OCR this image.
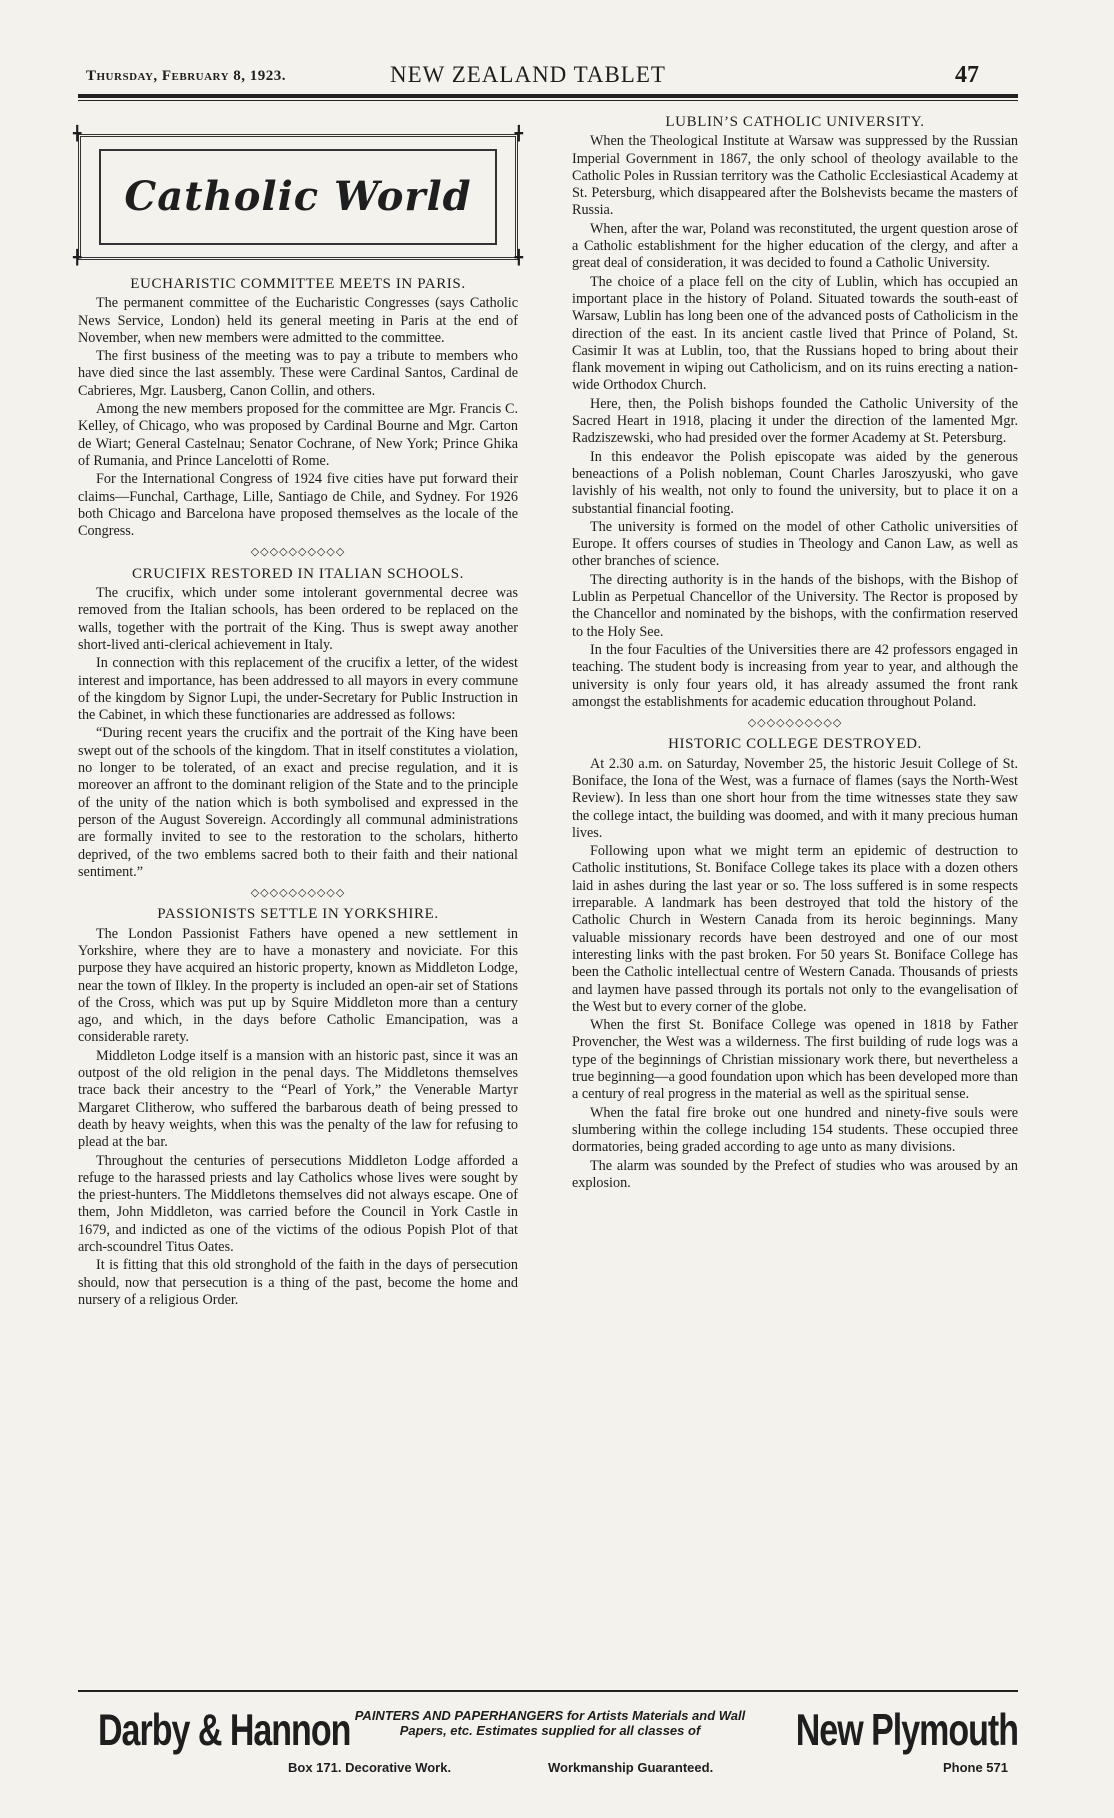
Thursday, February 8, 1923.	NEW ZEALAND TABLET	47
╋	╋
╋	╋
Catholic World
EUCHARISTIC COMMITTEE MEETS IN PARIS.

The permanent committee of the Eucharistic Congresses (says Catholic News Service, London) held its general meeting in Paris at the end of November, when new members were admitted to the committee.

The first business of the meeting was to pay a tribute to members who have died since the last assembly. These were Cardinal Santos, Cardinal de Cabrieres, Mgr. Lausberg, Canon Collin, and others.

Among the new members proposed for the committee are Mgr. Francis C. Kelley, of Chicago, who was proposed by Cardinal Bourne and Mgr. Carton de Wiart; General Castelnau; Senator Cochrane, of New York; Prince Ghika of Rumania, and Prince Lancelotti of Rome.

For the International Congress of 1924 five cities have put forward their claims—Funchal, Carthage, Lille, Santiago de Chile, and Sydney. For 1926 both Chicago and Barcelona have proposed themselves as the locale of the Congress.

◇◇◇◇◇◇◇◇◇◇
CRUCIFIX RESTORED IN ITALIAN SCHOOLS.

The crucifix, which under some intolerant governmental decree was removed from the Italian schools, has been ordered to be replaced on the walls, together with the portrait of the King. Thus is swept away another short-lived anti-clerical achievement in Italy.

In connection with this replacement of the crucifix a letter, of the widest interest and importance, has been addressed to all mayors in every commune of the kingdom by Signor Lupi, the under-Secretary for Public Instruction in the Cabinet, in which these functionaries are addressed as follows:

“During recent years the crucifix and the portrait of the King have been swept out of the schools of the kingdom. That in itself constitutes a violation, no longer to be tolerated, of an exact and precise regulation, and it is moreover an affront to the dominant religion of the State and to the principle of the unity of the nation which is both symbolised and expressed in the person of the August Sovereign. Accordingly all communal administrations are formally invited to see to the restoration to the scholars, hitherto deprived, of the two emblems sacred both to their faith and their national sentiment.”

◇◇◇◇◇◇◇◇◇◇
PASSIONISTS SETTLE IN YORKSHIRE.

The London Passionist Fathers have opened a new settlement in Yorkshire, where they are to have a monastery and noviciate. For this purpose they have acquired an historic property, known as Middleton Lodge, near the town of Ilkley. In the property is included an open-air set of Stations of the Cross, which was put up by Squire Middleton more than a century ago, and which, in the days before Catholic Emancipation, was a considerable rarety.

Middleton Lodge itself is a mansion with an historic past, since it was an outpost of the old religion in the penal days. The Middletons themselves trace back their ancestry to the “Pearl of York,” the Venerable Martyr Margaret Clitherow, who suffered the barbarous death of being pressed to death by heavy weights, when this was the penalty of the law for refusing to plead at the bar.

Throughout the centuries of persecutions Middleton Lodge afforded a refuge to the harassed priests and lay Catholics whose lives were sought by the priest-hunters. The Middletons themselves did not always escape. One of them, John Middleton, was carried before the Council in York Castle in 1679, and indicted as one of the victims of the odious Popish Plot of that arch-scoundrel Titus Oates.

It is fitting that this old stronghold of the faith in the days of persecution should, now that persecution is a thing of the past, become the home and nursery of a religious Order.

LUBLIN’S CATHOLIC UNIVERSITY.

When the Theological Institute at Warsaw was suppressed by the Russian Imperial Government in 1867, the only school of theology available to the Catholic Poles in Russian territory was the Catholic Ecclesiastical Academy at St. Petersburg, which disappeared after the Bolshevists became the masters of Russia.

When, after the war, Poland was reconstituted, the urgent question arose of a Catholic establishment for the higher education of the clergy, and after a great deal of consideration, it was decided to found a Catholic University.

The choice of a place fell on the city of Lublin, which has occupied an important place in the history of Poland. Situated towards the south-east of Warsaw, Lublin has long been one of the advanced posts of Catholicism in the direction of the east. In its ancient castle lived that Prince of Poland, St. Casimir It was at Lublin, too, that the Russians hoped to bring about their flank movement in wiping out Catholicism, and on its ruins erecting a nation-wide Orthodox Church.

Here, then, the Polish bishops founded the Catholic University of the Sacred Heart in 1918, placing it under the direction of the lamented Mgr. Radziszewski, who had presided over the former Academy at St. Petersburg.

In this endeavor the Polish episcopate was aided by the generous beneactions of a Polish nobleman, Count Charles Jaroszyuski, who gave lavishly of his wealth, not only to found the university, but to place it on a substantial financial footing.

The university is formed on the model of other Catholic universities of Europe. It offers courses of studies in Theology and Canon Law, as well as other branches of science.

The directing authority is in the hands of the bishops, with the Bishop of Lublin as Perpetual Chancellor of the University. The Rector is proposed by the Chancellor and nominated by the bishops, with the confirmation reserved to the Holy See.

In the four Faculties of the Universities there are 42 professors engaged in teaching. The student body is increasing from year to year, and although the university is only four years old, it has already assumed the front rank amongst the establishments for academic education throughout Poland.

◇◇◇◇◇◇◇◇◇◇
HISTORIC COLLEGE DESTROYED.

At 2.30 a.m. on Saturday, November 25, the historic Jesuit College of St. Boniface, the Iona of the West, was a furnace of flames (says the North-West Review). In less than one short hour from the time witnesses state they saw the college intact, the building was doomed, and with it many precious human lives.

Following upon what we might term an epidemic of destruction to Catholic institutions, St. Boniface College takes its place with a dozen others laid in ashes during the last year or so. The loss suffered is in some respects irreparable. A landmark has been destroyed that told the history of the Catholic Church in Western Canada from its heroic beginnings. Many valuable missionary records have been destroyed and one of our most interesting links with the past broken. For 50 years St. Boniface College has been the Catholic intellectual centre of Western Canada. Thousands of priests and laymen have passed through its portals not only to the evangelisation of the West but to every corner of the globe.

When the first St. Boniface College was opened in 1818 by Father Provencher, the West was a wilderness. The first building of rude logs was a type of the beginnings of Christian missionary work there, but nevertheless a true beginning—a good foundation upon which has been developed more than a century of real progress in the material as well as the spiritual sense.

When the fatal fire broke out one hundred and ninety-five souls were slumbering within the college including 154 students. These occupied three dormatories, being graded according to age unto as many divisions.

The alarm was sounded by the Prefect of studies who was aroused by an explosion.

Darby & Hannon PAINTERS AND PAPERHANGERS for Artists Materials and Wall Papers, etc. Estimates supplied for all classes of	New Plymouth
Box 171. Decorative Work.	Workmanship Guaranteed.	Phone 571
